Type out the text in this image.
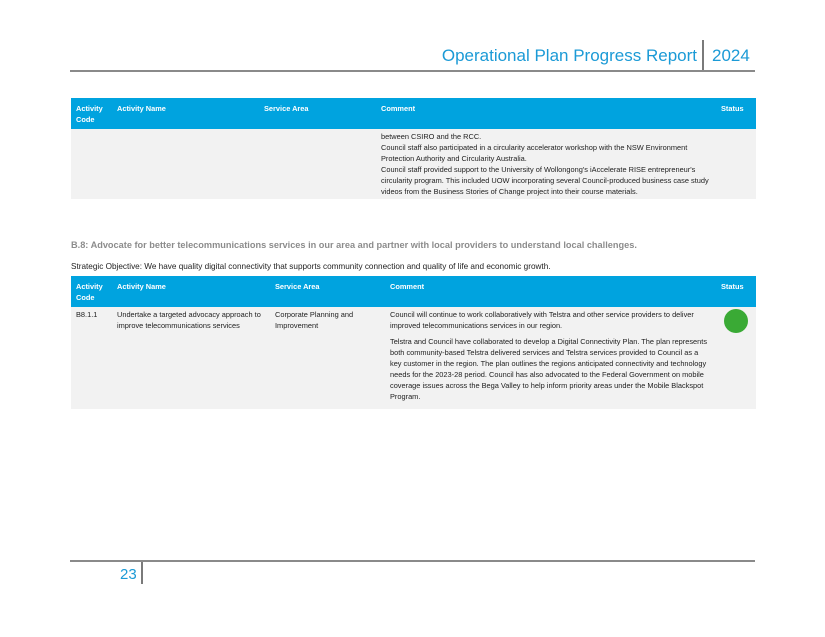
Operational Plan Progress Report 2024
Activity Code	Activity Name	Service Area	Comment	Status

			between CSIRO and the RCC.
Council staff also participated in a circularity accelerator workshop with the NSW Environment Protection Authority and Circularity Australia.
Council staff provided support to the University of Wollongong's iAccelerate RISE entrepreneur's circularity program. This included UOW incorporating several Council-produced business case study videos from the Business Stories of Change project into their course materials.	

B.8: Advocate for better telecommunications services in our area and partner with local providers to understand local challenges.
Strategic Objective: We have quality digital connectivity that supports community connection and quality of life and economic growth.
Activity Code	Activity Name	Service Area	Comment	Status
B8.1.1	Undertake a targeted advocacy approach to improve telecommunications services	Corporate Planning and Improvement	Council will continue to work collaboratively with Telstra and other service providers to deliver improved telecommunications services in our region.
Telstra and Council have collaborated to develop a Digital Connectivity Plan. The plan represents both community-based Telstra delivered services and Telstra services provided to Council as a key customer in the region. The plan outlines the regions anticipated connectivity and technology needs for the 2023-28 period. Council has also advocated to the Federal Government on mobile coverage issues across the Bega Valley to help inform priority areas under the Mobile Blackspot Program.	

23
